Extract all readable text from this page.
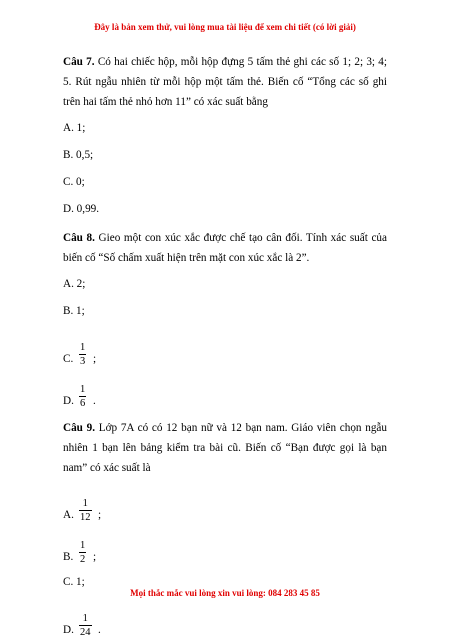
Đây là bản xem thử, vui lòng mua tài liệu để xem chi tiết (có lời giải)

Câu 7. Có hai chiếc hộp, mỗi hộp đựng 5 tấm thẻ ghi các số 1; 2; 3; 4; 5. Rút ngẫu nhiên từ mỗi hộp một tấm thẻ. Biến cố “Tổng các số ghi trên hai tấm thẻ nhỏ hơn 11” có xác suất bằng

A. 1;
B. 0,5;
C. 0;
D. 0,99.

Câu 8. Gieo một con xúc xắc được chế tạo cân đối. Tính xác suất của biến cố “Số chấm xuất hiện trên mặt con xúc xắc là 2”.

A. 2;
B. 1;
C. $\frac{1}{3}$ ;
D. $\frac{1}{6}$ .

Câu 9. Lớp 7A có có 12 bạn nữ và 12 bạn nam. Giáo viên chọn ngẫu nhiên 1 bạn lên bảng kiểm tra bài cũ. Biến cố “Bạn được gọi là bạn nam” có xác suất là

A. $\frac{1}{12}$ ;
B. $\frac{1}{2}$ ;
C. 1;
D. $\frac{1}{24}$ .
Mọi thắc mắc vui lòng xin vui lòng: 084 283 45 85
